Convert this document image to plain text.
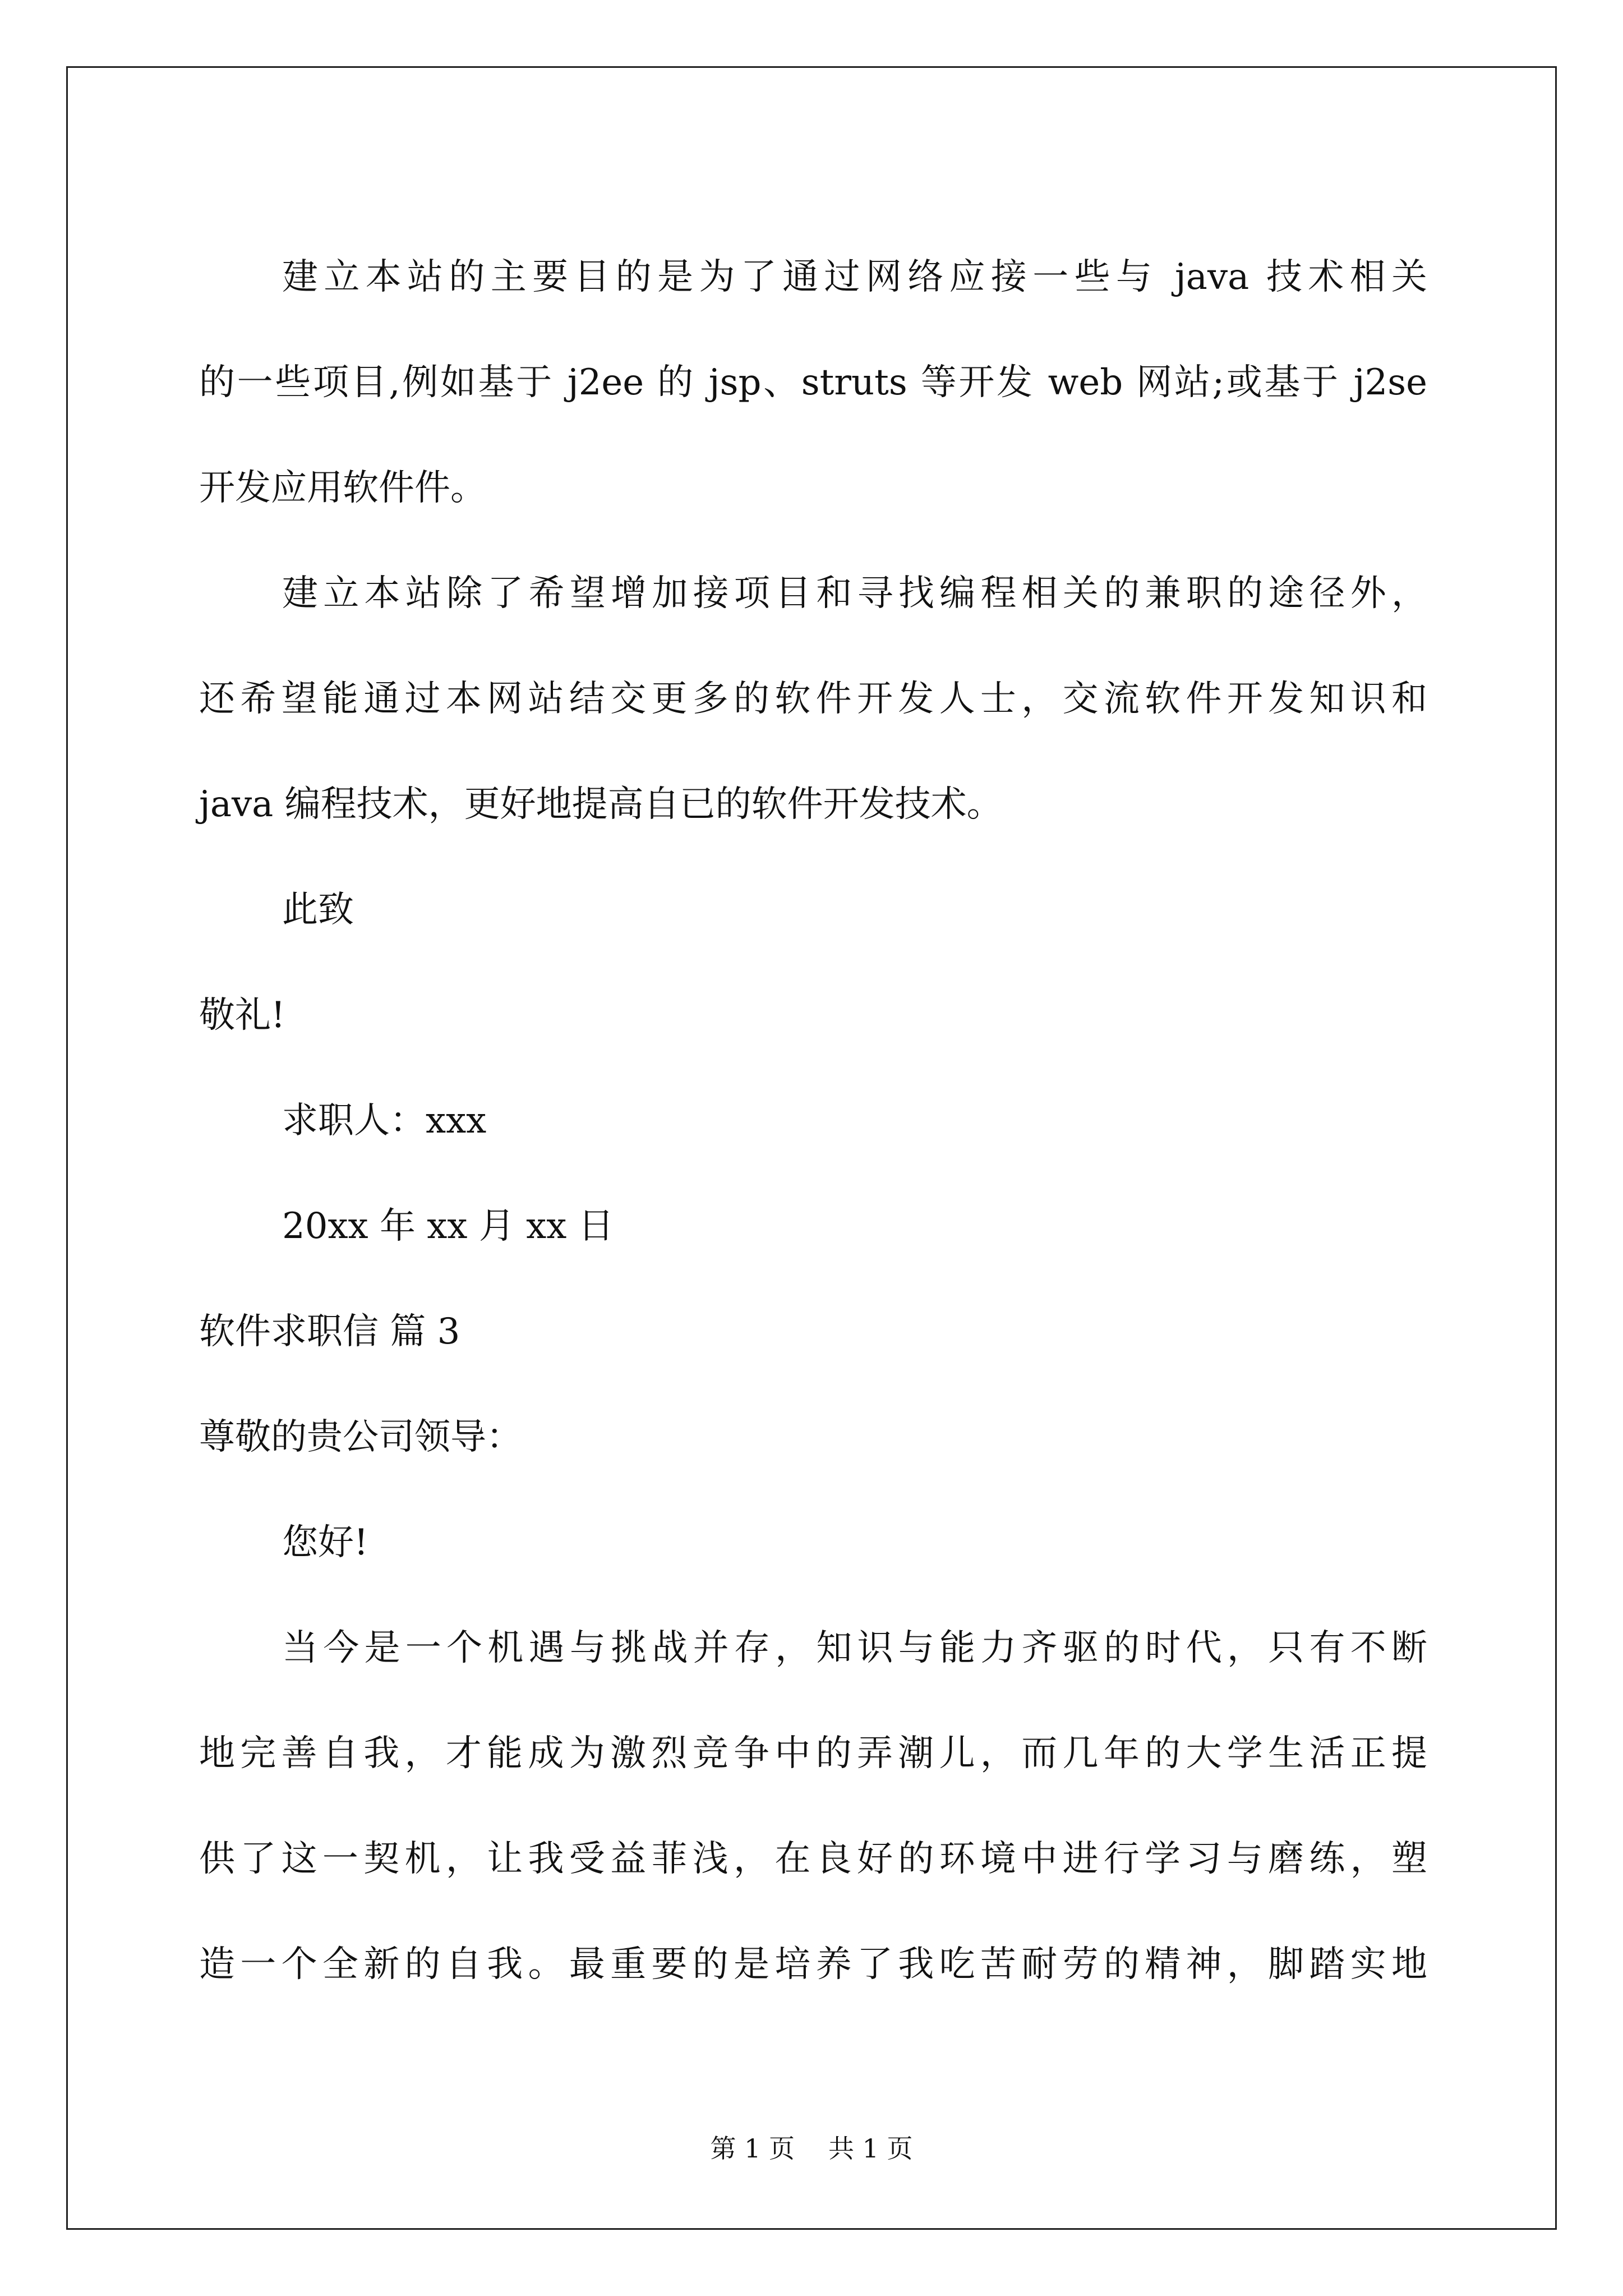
建立本站的主要目的是为了通过网络应接一些与 java 技术相关
的一些项目,例如基于 j2ee 的 jsp、struts 等开发 web 网站;或基于 j2se
开发应用软件件。
建立本站除了希望增加接项目和寻找编程相关的兼职的途径外，
还希望能通过本网站结交更多的软件开发人士，交流软件开发知识和
java 编程技术，更好地提高自已的软件开发技术。
此致
敬礼!
求职人：xxx
20xx 年 xx 月 xx 日
软件求职信 篇 3
尊敬的贵公司领导：
您好!
当今是一个机遇与挑战并存，知识与能力齐驱的时代，只有不断
地完善自我，才能成为激烈竞争中的弄潮儿，而几年的大学生活正提
供了这一契机，让我受益菲浅，在良好的环境中进行学习与磨练，塑
造一个全新的自我。最重要的是培养了我吃苦耐劳的精神，脚踏实地
第 1 页 共 1 页
